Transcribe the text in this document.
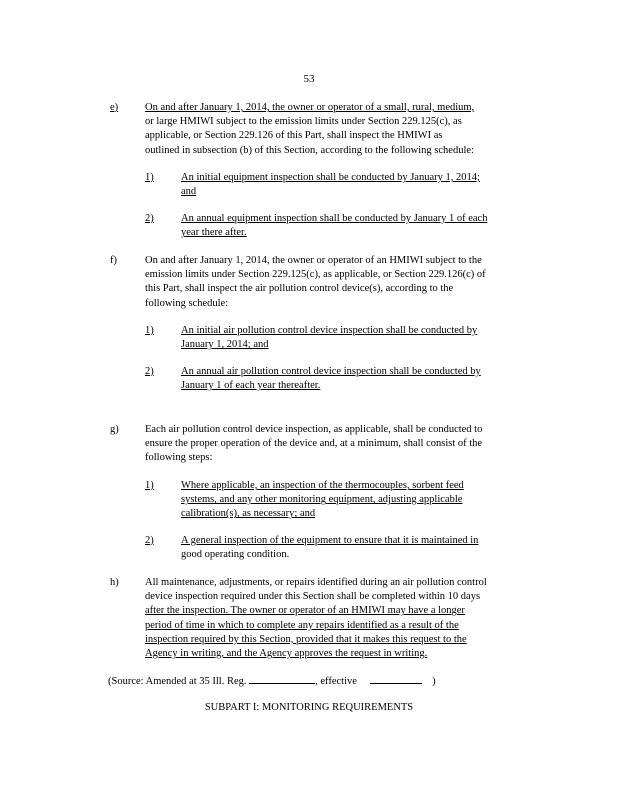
53
e)	On and after January 1, 2014, the owner or operator of a small, rural, medium,
or large HMIWI subject to the emission limits under Section 229.125(c), as
applicable, or Section 229.126 of this Part, shall inspect the HMIWI as
outlined in subsection (b) of this Section, according to the following schedule:
1)	An initial equipment inspection shall be conducted by January 1, 2014;
and
2)	An annual equipment inspection shall be conducted by January 1 of each
year there after.
f)	On and after January 1, 2014, the owner or operator of an HMIWI subject to the
emission limits under Section 229.125(c), as applicable, or Section 229.126(c) of
this Part, shall inspect the air pollution control device(s), according to the
following schedule:
1)	An initial air pollution control device inspection shall be conducted by
January 1, 2014; and
2)	An annual air pollution control device inspection shall be conducted by
January 1 of each year thereafter.
g)	Each air pollution control device inspection, as applicable, shall be conducted to
ensure the proper operation of the device and, at a minimum, shall consist of the
following steps:
1)	Where applicable, an inspection of the thermocouples, sorbent feed
systems, and any other monitoring equipment, adjusting applicable
calibration(s), as necessary; and
2)	A general inspection of the equipment to ensure that it is maintained in
good operating condition.
h)	All maintenance, adjustments, or repairs identified during an air pollution control
device inspection required under this Section shall be completed within 10 days
after the inspection. The owner or operator of an HMIWI may have a longer
period of time in which to complete any repairs identified as a result of the
inspection required by this Section, provided that it makes this request to the
Agency in writing, and the Agency approves the request in writing.
(Source: Amended at 35 Ill. Reg.	, effective	)
SUBPART I: MONITORING REQUIREMENTS
